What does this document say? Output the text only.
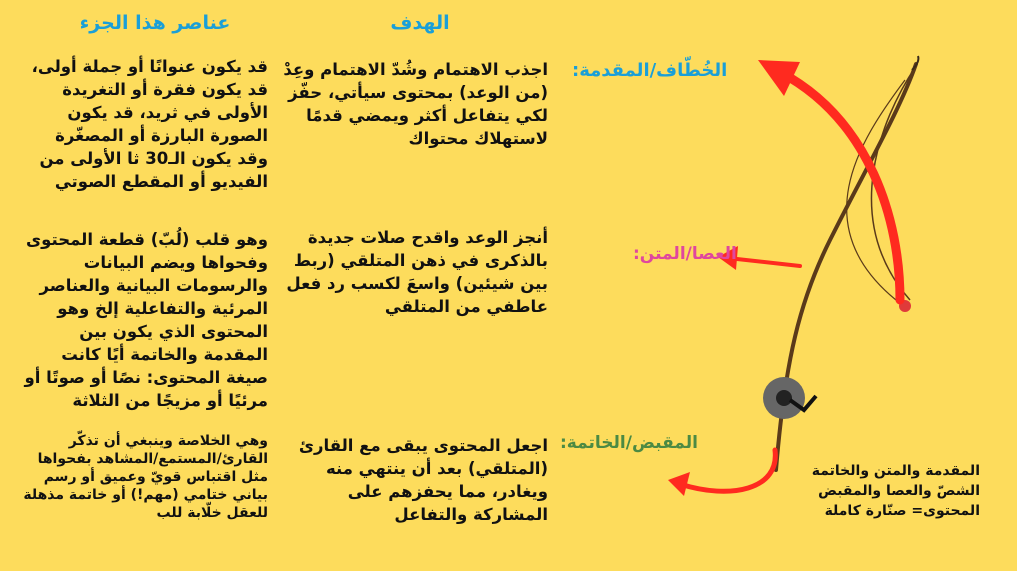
الهدف
عناصر هذا الجزء
الخُطّاف/المقدمة:
العصا/المتن:
المقبض/الخاتمة:
اجذب الاهتمام وشُدّ الاهتمام وعِدْ (من الوعد) بمحتوى سيأتي، حفّز لكي يتفاعل أكثر ويمضي قدمًا لاستهلاك محتواك
أنجز الوعد واقدح صلات جديدة بالذكرى في ذهن المتلقي (ربط بين شيئين) واسعَ لكسب رد فعل عاطفي من المتلقي
اجعل المحتوى يبقى مع القارئ (المتلقي) بعد أن ينتهي منه ويغادر، مما يحفزهم على المشاركة والتفاعل
قد يكون عنوانًا أو جملة أولى، قد يكون فقرة أو التغريدة الأولى في ثريد، قد يكون الصورة البارزة أو المصغّرة وقد يكون الـ30 ثا الأولى من الفيديو أو المقطع الصوتي
وهو قلب (لُبّ) قطعة المحتوى وفحواها ويضم البيانات والرسومات البيانية والعناصر المرئية والتفاعلية إلخ وهو المحتوى الذي يكون بين المقدمة والخاتمة أيًا كانت صيغة المحتوى: نصًا أو صوتًا أو مرئيًا أو مزيجًا من الثلاثة
وهي الخلاصة وينبغي أن تذكّر القارئ/المستمع/المشاهد بفحواها مثل اقتباس قويّ وعميق أو رسم بياني ختامي (مهم!) أو خاتمة مذهلة للعقل خلّابة للب
المقدمة والمتن والخاتمة الشصّ والعصا والمقبض المحتوى= صنّارة كاملة
